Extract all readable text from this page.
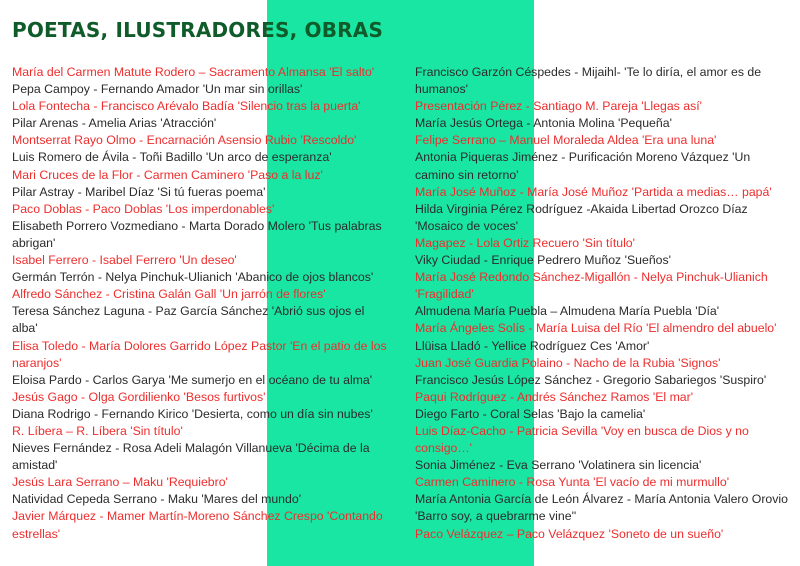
POETAS, ILUSTRADORES, OBRAS
María del Carmen Matute Rodero – Sacramento Almansa 'El salto'
Pepa Campoy - Fernando Amador 'Un mar sin orillas'
Lola Fontecha - Francisco Arévalo Badía 'Silencio tras la puerta'
Pilar Arenas - Amelia Arias 'Atracción'
Montserrat Rayo Olmo - Encarnación Asensio Rubio 'Rescoldo'
Luis Romero de Ávila - Toñi Badillo 'Un arco de esperanza'
Mari Cruces de la Flor - Carmen Caminero 'Paso a la luz'
Pilar Astray - Maribel Díaz 'Si tú fueras poema'
Paco Doblas - Paco Doblas 'Los imperdonables'
Elisabeth Porrero Vozmediano - Marta Dorado Molero 'Tus palabras abrigan'
Isabel Ferrero - Isabel Ferrero 'Un deseo'
Germán Terrón - Nelya Pinchuk-Ulianich 'Abanico de ojos blancos'
Alfredo Sánchez - Cristina Galán Gall 'Un jarrón de flores'
Teresa Sánchez Laguna - Paz García Sánchez 'Abrió sus ojos el alba'
Elisa Toledo - María Dolores Garrido López Pastor 'En el patio de los naranjos'
Eloisa Pardo - Carlos Garya 'Me sumerjo en el océano de tu alma'
Jesús Gago - Olga Gordilienko 'Besos furtivos'
Diana Rodrigo - Fernando Kirico 'Desierta, como un día sin nubes'
R. Líbera – R. Líbera 'Sin título'
Nieves Fernández - Rosa Adeli Malagón Villanueva 'Décima de la amistad'
Jesús Lara Serrano – Maku 'Requiebro'
Natividad Cepeda Serrano - Maku 'Mares del mundo'
Javier Márquez - Mamer Martín-Moreno Sánchez Crespo 'Contando estrellas'
Francisco Garzón Céspedes - Mijaihl- 'Te lo diría, el amor es de humanos'
Presentación Pérez - Santiago M. Pareja 'Llegas así'
María Jesús Ortega - Antonia Molina 'Pequeña'
Felipe Serrano – Manuel Moraleda Aldea 'Era una luna'
Antonia Piqueras Jiménez - Purificación Moreno Vázquez 'Un camino sin retorno'
María José Muñoz - María José Muñoz 'Partida a medias… papá'
Hilda Virginia Pérez Rodríguez -Akaida Libertad Orozco Díaz 'Mosaico de voces'
Magapez - Lola Ortiz Recuero 'Sin título'
Viky Ciudad - Enrique Pedrero Muñoz 'Sueños'
María José Redondo Sánchez-Migallón - Nelya Pinchuk-Ulianich 'Fragilidad'
Almudena María Puebla – Almudena María Puebla 'Día'
María Ángeles Solís - María Luisa del Río 'El almendro del abuelo'
Llüisa Lladó - Yellice Rodríguez Ces 'Amor'
Juan José Guardia Polaino - Nacho de la Rubia 'Signos'
Francisco Jesús López Sánchez - Gregorio Sabariegos 'Suspiro'
Paqui Rodríguez - Andrés Sánchez Ramos 'El mar'
Diego Farto - Coral Selas 'Bajo la camelia'
Luis Díaz-Cacho - Patricia Sevilla 'Voy en busca de Dios y no consigo…'
Sonia Jiménez - Eva Serrano 'Volatinera sin licencia'
Carmen Caminero - Rosa Yunta 'El vacío de mi murmullo'
María Antonia García de León Álvarez - María Antonia Valero Orovio 'Barro soy, a quebrarme vine''
Paco Velázquez – Paco Velázquez 'Soneto de un sueño'
